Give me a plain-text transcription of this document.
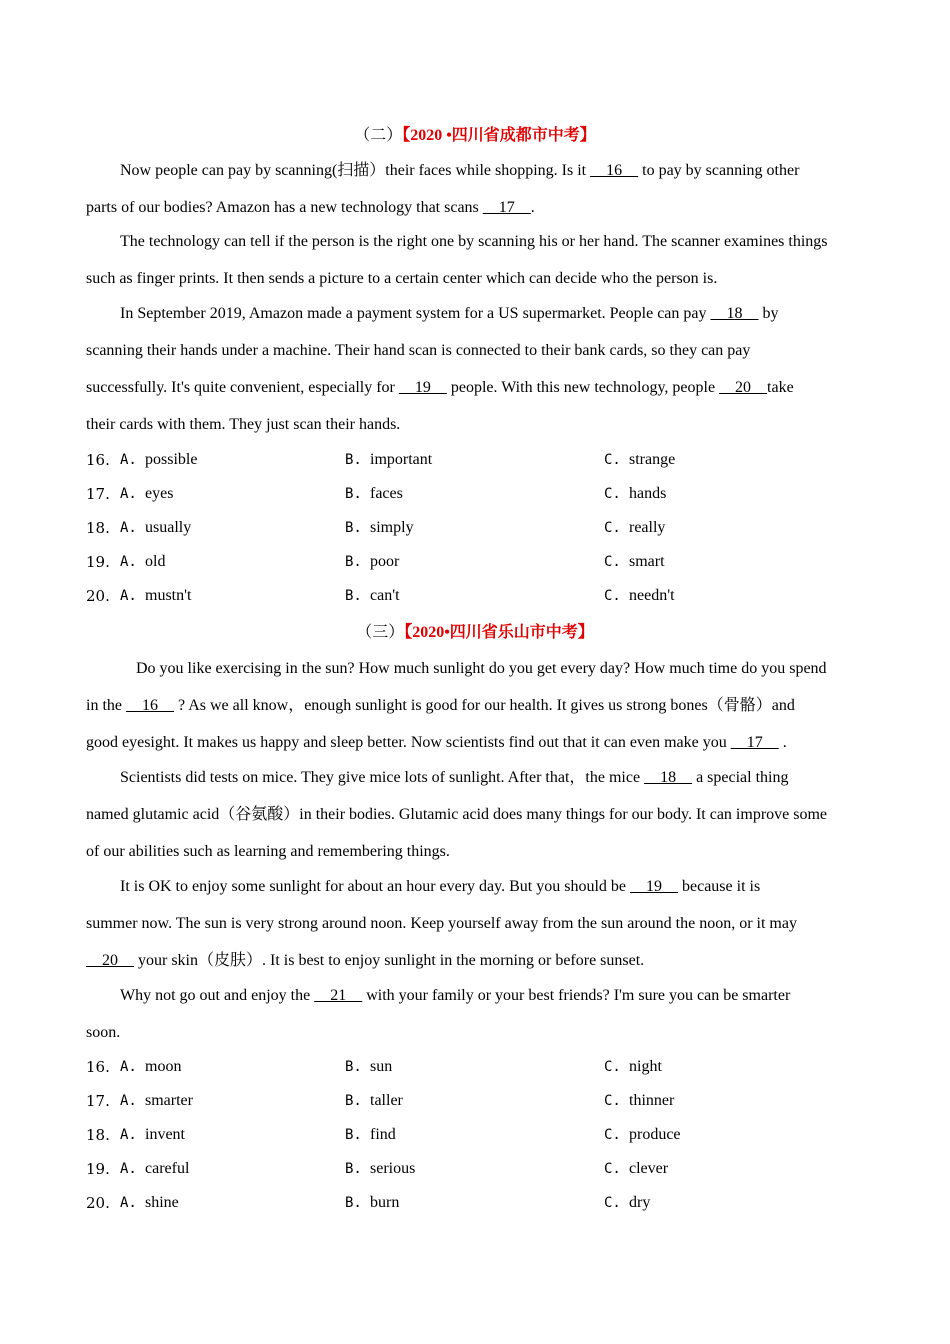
（二）【2020 •四川省成都市中考】
Now people can pay by scanning(扫描）their faces while shopping. Is it     16     to pay by scanning other
parts of our bodies? Amazon has a new technology that scans     17    .
The technology can tell if the person is the right one by scanning his or her hand. The scanner examines things
such as finger prints. It then sends a picture to a certain center which can decide who the person is.
In September 2019, Amazon made a payment system for a US supermarket. People can pay     18     by
scanning their hands under a machine. Their hand scan is connected to their bank cards, so they can pay
successfully. It's quite convenient, especially for     19     people. With this new technology, people     20    take
their cards with them. They just scan their hands.
16. A. possible	B. important	C. strange
17. A. eyes	B. faces	C. hands
18. A. usually	B. simply	C. really
19. A. old	B. poor	C. smart
20. A. mustn't	B. can't	C. needn't
（三）【2020•四川省乐山市中考】
Do you like exercising in the sun? How much sunlight do you get every day? How much time do you spend
in the     16     ? As we all know，enough sunlight is good for our health. It gives us strong bones（骨骼）and
good eyesight. It makes us happy and sleep better. Now scientists find out that it can even make you     17     .
Scientists did tests on mice. They give mice lots of sunlight. After that，the mice     18     a special thing
named glutamic acid（谷氨酸）in their bodies. Glutamic acid does many things for our body. It can improve some
of our abilities such as learning and remembering things.
It is OK to enjoy some sunlight for about an hour every day. But you should be     19     because it is
summer now. The sun is very strong around noon. Keep yourself away from the sun around the noon, or it may
20     your skin（皮肤）. It is best to enjoy sunlight in the morning or before sunset.
Why not go out and enjoy the     21     with your family or your best friends? I'm sure you can be smarter
soon.
16. A. moon	B. sun	C. night
17. A. smarter	B. taller	C. thinner
18. A. invent	B. find	C. produce
19. A. careful	B. serious	C. clever
20. A. shine	B. burn	C. dry
